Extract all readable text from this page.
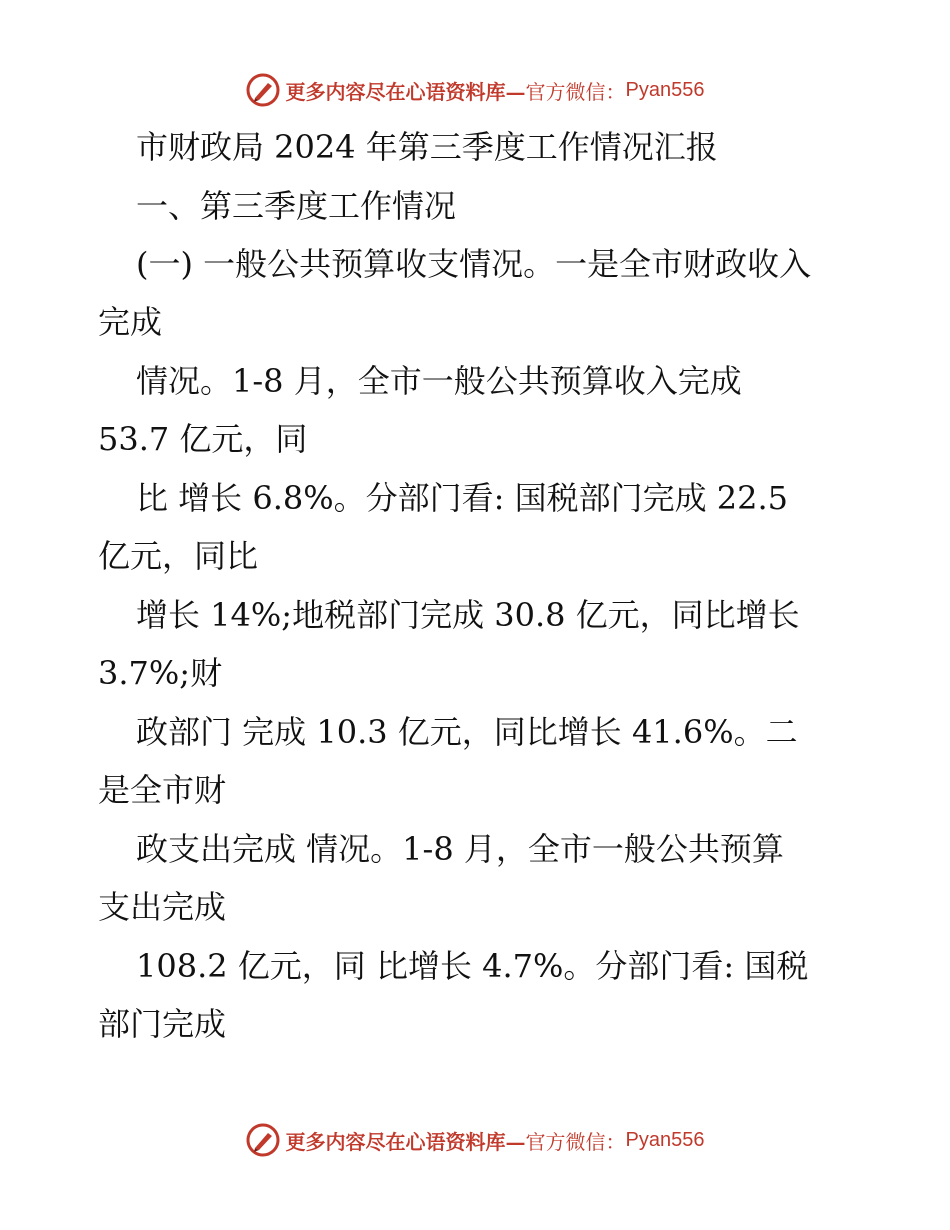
更多内容尽在心语资料库— 官方微信： Pyan556
市财政局 2024 年第三季度工作情况汇报
一、第三季度工作情况
(一) 一般公共预算收支情况。一是全市财政收入
完成
情况。1-8 月，全市一般公共预算收入完成
53.7 亿元，同
比 增长 6.8%。分部门看: 国税部门完成 22.5
亿元，同比
增长 14%;地税部门完成 30.8 亿元，同比增长
3.7%;财
政部门 完成 10.3 亿元，同比增长 41.6%。二
是全市财
政支出完成 情况。1-8 月，全市一般公共预算
支出完成
108.2 亿元，同 比增长 4.7%。分部门看: 国税
部门完成
更多内容尽在心语资料库— 官方微信： Pyan556
